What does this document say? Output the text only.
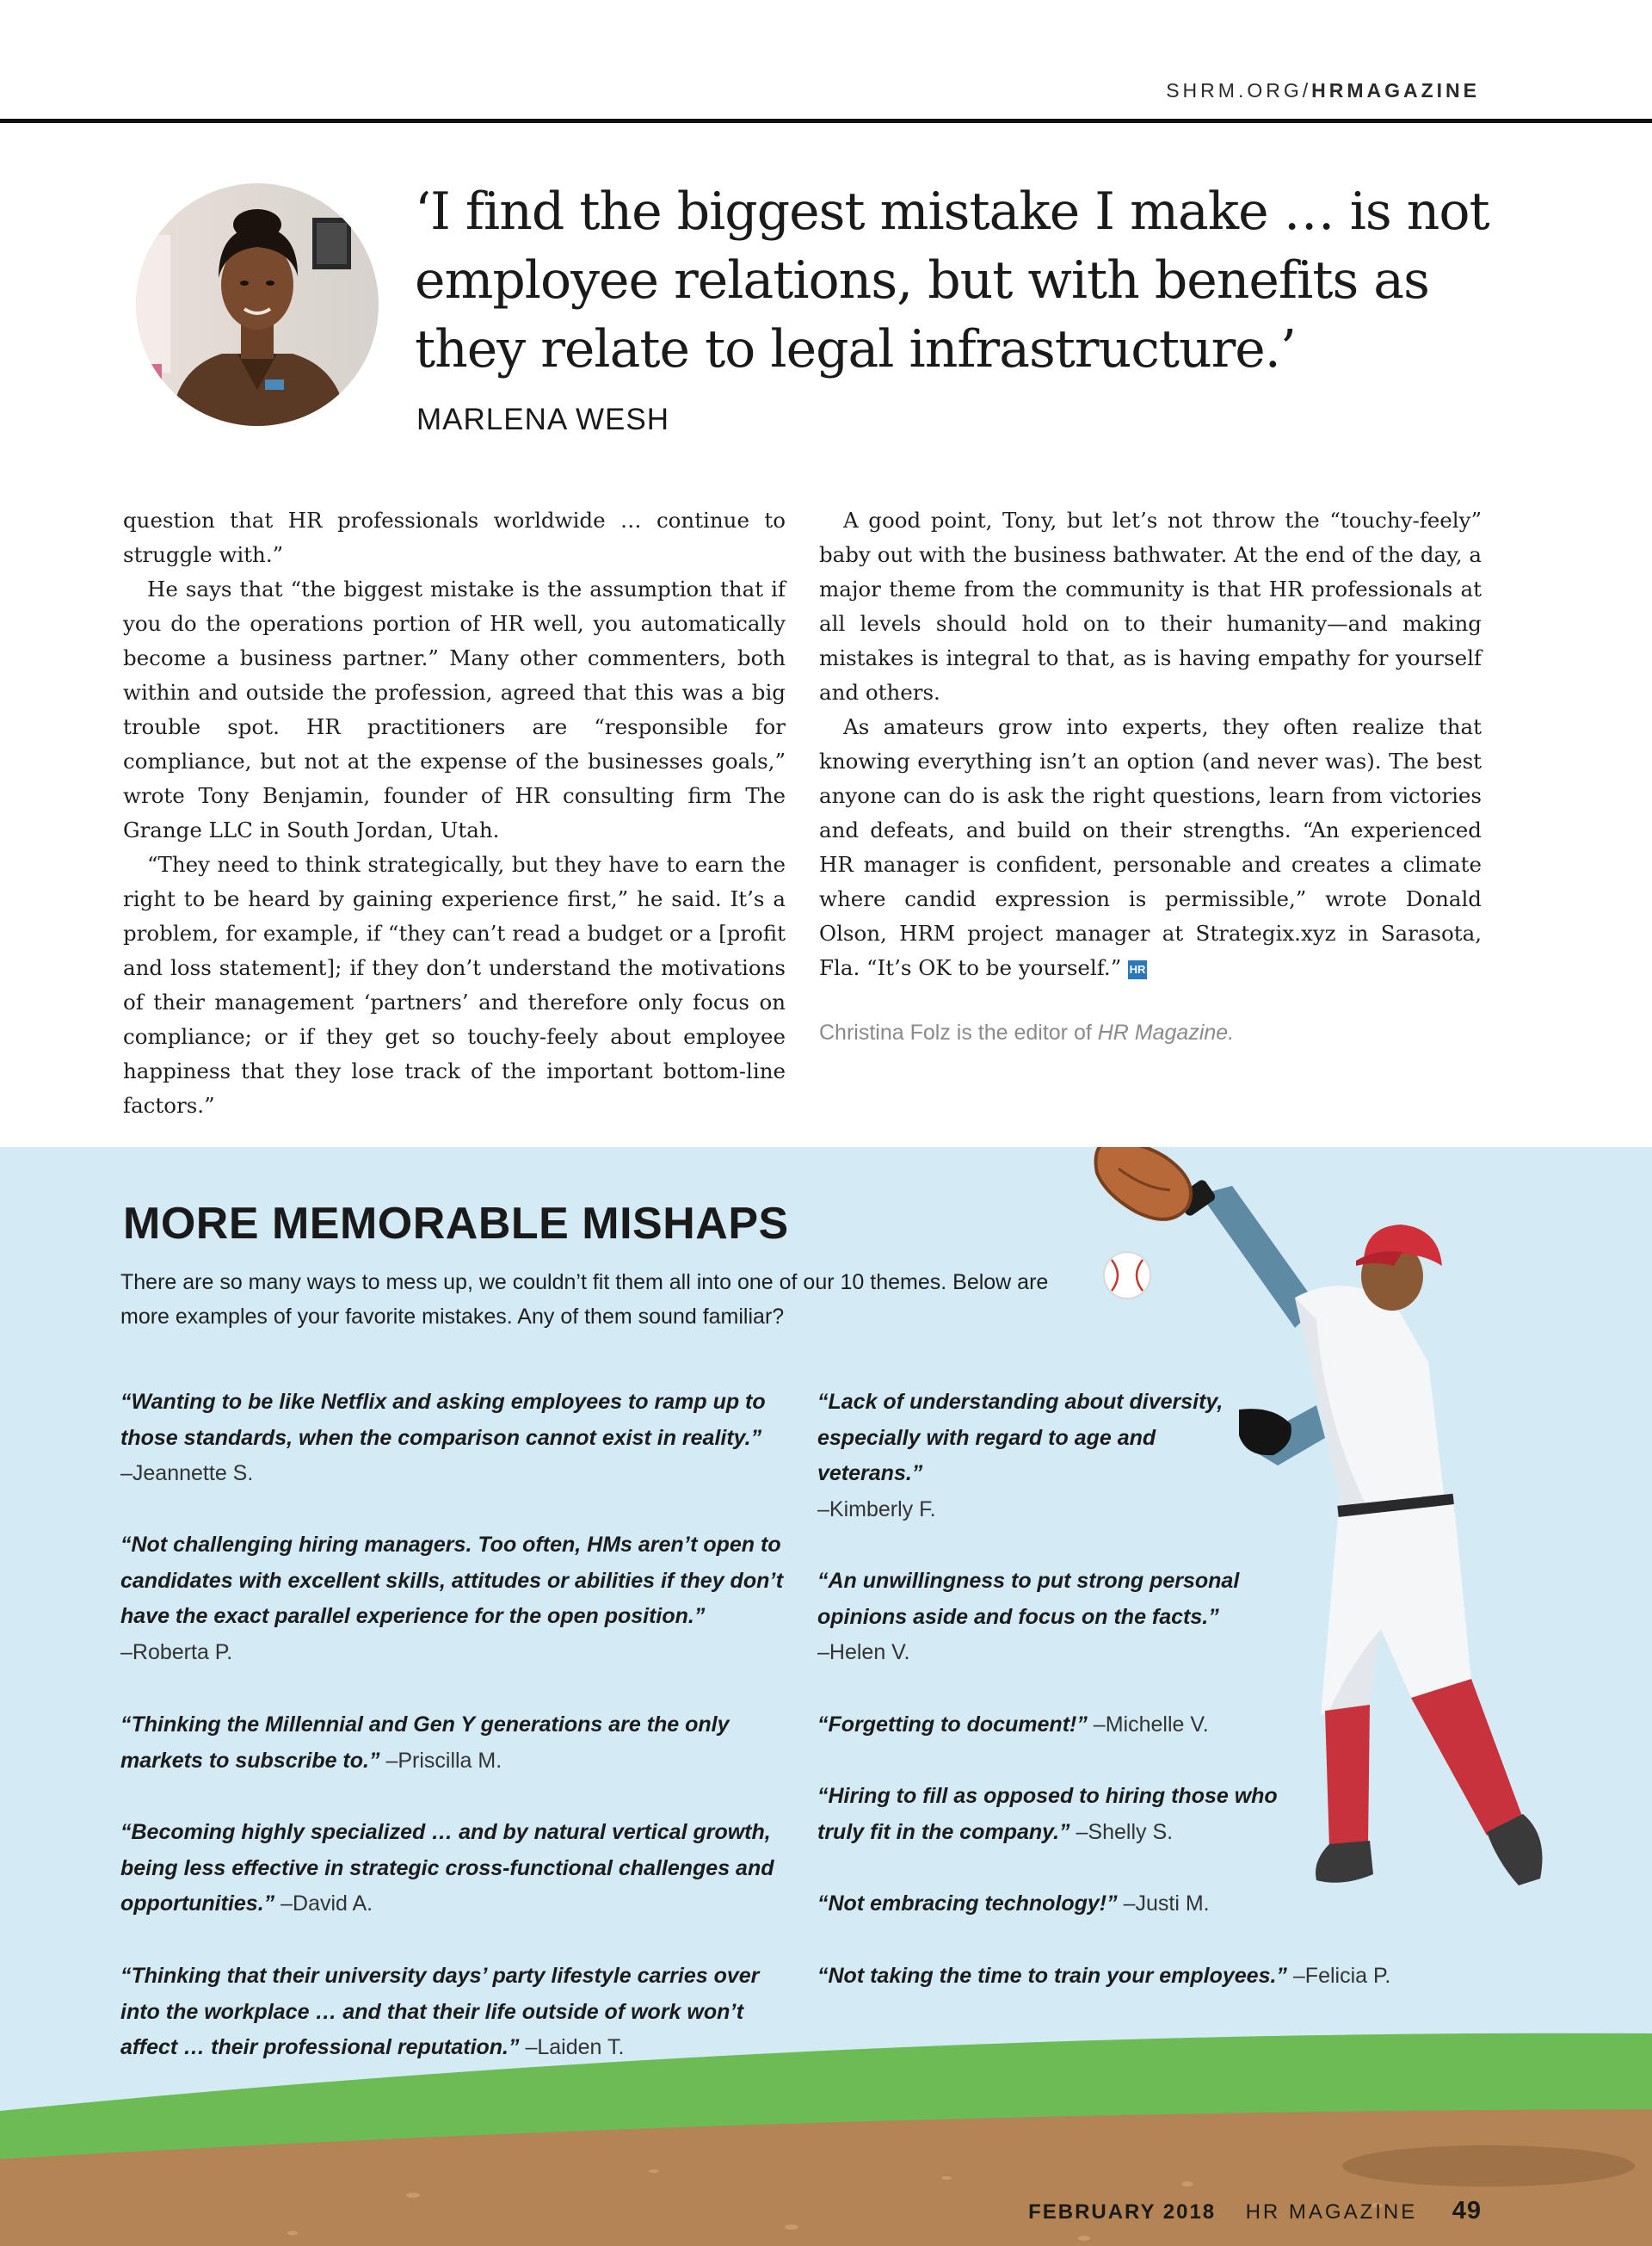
SHRM.ORG/HRMAGAZINE
‘I find the biggest mistake I make … is not employee relations, but with benefits as they relate to legal infrastructure.’
MARLENA WESH

question that HR professionals worldwide … continue to struggle with.”

He says that “the biggest mistake is the assumption that if you do the operations portion of HR well, you automatically become a business partner.” Many other commenters, both within and outside the profession, agreed that this was a big trouble spot. HR practitioners are “responsible for compliance, but not at the expense of the businesses goals,” wrote Tony Benjamin, founder of HR consulting firm The Grange LLC in South Jordan, Utah.

“They need to think strategically, but they have to earn the right to be heard by gaining experience first,” he said. It’s a problem, for example, if “they can’t read a budget or a [profit and loss statement]; if they don’t understand the motivations of their management ‘partners’ and therefore only focus on compliance; or if they get so touchy-feely about employee happiness that they lose track of the important bottom-line factors.”

A good point, Tony, but let’s not throw the “touchy-feely” baby out with the business bathwater. At the end of the day, a major theme from the community is that HR professionals at all levels should hold on to their humanity—and making mistakes is integral to that, as is having empathy for yourself and others.

As amateurs grow into experts, they often realize that knowing everything isn’t an option (and never was). The best anyone can do is ask the right questions, learn from victories and defeats, and build on their strengths. “An experienced HR manager is confident, personable and creates a climate where candid expression is permissible,” wrote Donald Olson, HRM project manager at Strategix.xyz in Sarasota, Fla. “It’s OK to be yourself.” HR

Christina Folz is the editor of HR Magazine.
MORE MEMORABLE MISHAPS
There are so many ways to mess up, we couldn’t fit them all into one of our 10 themes. Below are more examples of your favorite mistakes. Any of them sound familiar?
“Wanting to be like Netflix and asking employees to ramp up to those standards, when the comparison cannot exist in reality.”
–Jeannette S.
“Not challenging hiring managers. Too often, HMs aren’t open to candidates with excellent skills, attitudes or abilities if they don’t have the exact parallel experience for the open position.”
–Roberta P.
“Thinking the Millennial and Gen Y generations are the only markets to subscribe to.” –Priscilla M.
“Becoming highly specialized … and by natural vertical growth, being less effective in strategic cross-functional challenges and opportunities.” –David A.
“Thinking that their university days’ party lifestyle carries over into the workplace … and that their life outside of work won’t affect … their professional reputation.” –Laiden T.
“Lack of understanding about diversity, especially with regard to age and veterans.”
–Kimberly F.
“An unwillingness to put strong personal opinions aside and focus on the facts.”
–Helen V.
“Forgetting to document!” –Michelle V.
“Hiring to fill as opposed to hiring those who truly fit in the company.” –Shelly S.
“Not embracing technology!” –Justi M.
“Not taking the time to train your employees.” –Felicia P.
FEBRUARY 2018 HR MAGAZINE 49
